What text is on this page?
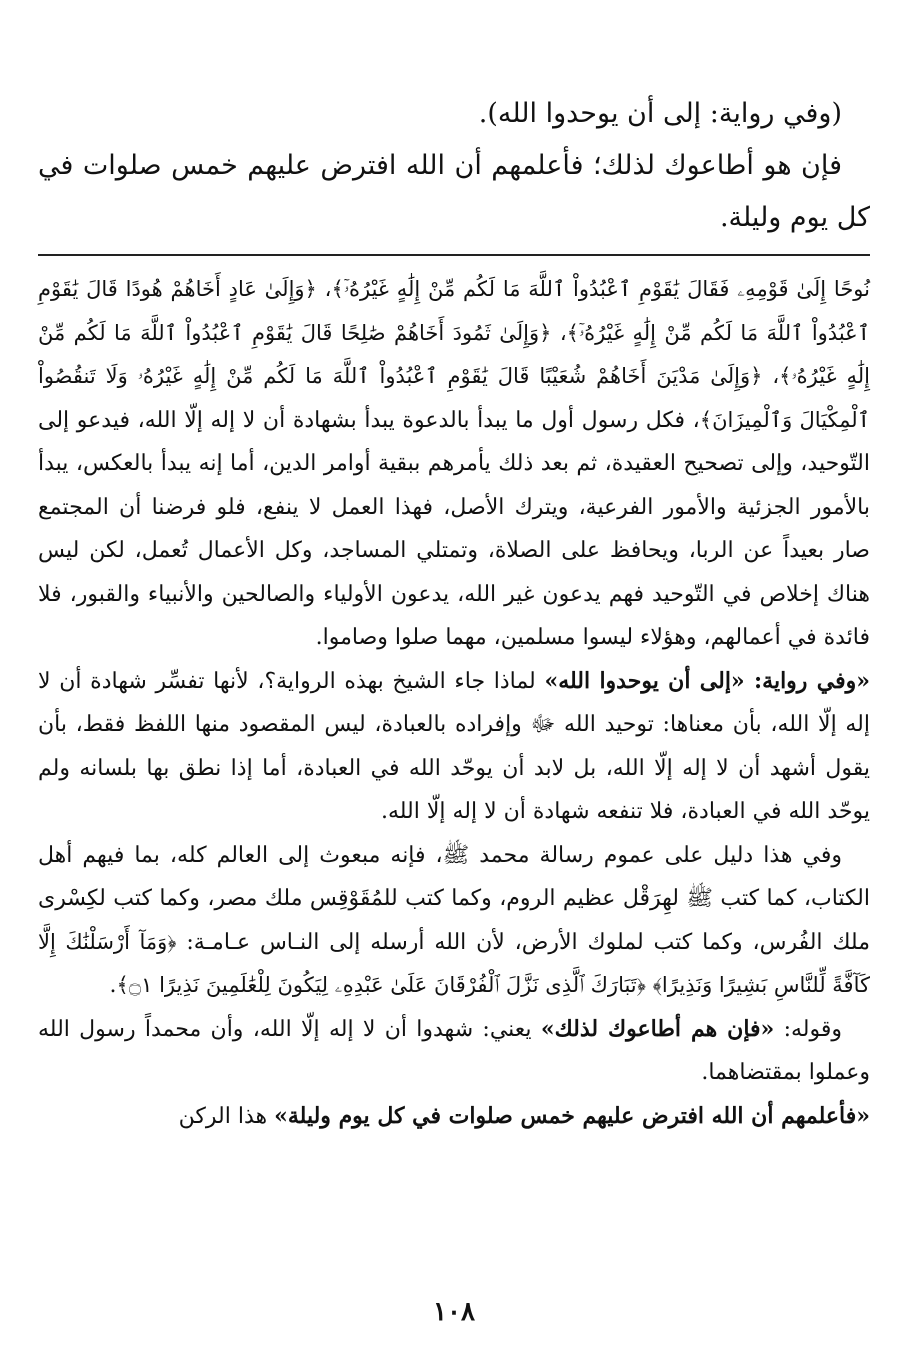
(وفي رواية: إلى أن يوحدوا الله).

فإن هو أطاعوك لذلك؛ فأعلمهم أن الله افترض عليهم خمس صلوات في كل يوم وليلة.

نُوحًا إِلَىٰ قَوْمِهِۦ فَقَالَ يَٰقَوْمِ ٱعْبُدُواْ ٱللَّهَ مَا لَكُم مِّنْ إِلَٰهٍ غَيْرُهُۥٓ﴾، ﴿وَإِلَىٰ عَادٍ أَخَاهُمْ هُودًا قَالَ يَٰقَوْمِ ٱعْبُدُواْ ٱللَّهَ مَا لَكُم مِّنْ إِلَٰهٍ غَيْرُهُۥٓ﴾، ﴿وَإِلَىٰ ثَمُودَ أَخَاهُمْ صَٰلِحًا قَالَ يَٰقَوْمِ ٱعْبُدُواْ ٱللَّهَ مَا لَكُم مِّنْ إِلَٰهٍ غَيْرُهُۥ﴾، ﴿وَإِلَىٰ مَدْيَنَ أَخَاهُمْ شُعَيْبًا قَالَ يَٰقَوْمِ ٱعْبُدُواْ ٱللَّهَ مَا لَكُم مِّنْ إِلَٰهٍ غَيْرُهُۥ وَلَا تَنقُصُواْ ٱلْمِكْيَالَ وَٱلْمِيزَانَ﴾، فكل رسول أول ما يبدأ بالدعوة يبدأ بشهادة أن لا إله إلّا الله، فيدعو إلى التّوحيد، وإلى تصحيح العقيدة، ثم بعد ذلك يأمرهم ببقية أوامر الدين، أما إنه يبدأ بالعكس، يبدأ بالأمور الجزئية والأمور الفرعية، ويترك الأصل، فهذا العمل لا ينفع، فلو فرضنا أن المجتمع صار بعيداً عن الربا، ويحافظ على الصلاة، وتمتلي المساجد، وكل الأعمال تُعمل، لكن ليس هناك إخلاص في التّوحيد فهم يدعون غير الله، يدعون الأولياء والصالحين والأنبياء والقبور، فلا فائدة في أعمالهم، وهؤلاء ليسوا مسلمين، مهما صلوا وصاموا.

«وفي رواية: «إلى أن يوحدوا الله» لماذا جاء الشيخ بهذه الرواية؟، لأنها تفسِّر شهادة أن لا إله إلّا الله، بأن معناها: توحيد الله ﷻ وإفراده بالعبادة، ليس المقصود منها اللفظ فقط، بأن يقول أشهد أن لا إله إلّا الله، بل لابد أن يوحّد الله في العبادة، أما إذا نطق بها بلسانه ولم يوحّد الله في العبادة، فلا تنفعه شهادة أن لا إله إلّا الله.

وفي هذا دليل على عموم رسالة محمد ﷺ، فإنه مبعوث إلى العالم كله، بما فيهم أهل الكتاب، كما كتب ﷺ لهِرَقْل عظيم الروم، وكما كتب للمُقَوْقِس ملك مصر، وكما كتب لكِسْرى ملك الفُرس، وكما كتب لملوك الأرض، لأن الله أرسله إلى النـاس عـامـة: ﴿وَمَآ أَرْسَلْنَٰكَ إِلَّا كَآفَّةً لِّلنَّاسِ بَشِيرًا وَنَذِيرًا﴾ ﴿تَبَارَكَ ٱلَّذِى نَزَّلَ ٱلْفُرْقَانَ عَلَىٰ عَبْدِهِۦ لِيَكُونَ لِلْعَٰلَمِينَ نَذِيرًا ۝١﴾.

وقوله: «فإن هم أطاعوك لذلك» يعني: شهدوا أن لا إله إلّا الله، وأن محمداً رسول الله وعملوا بمقتضاهما.

«فأعلمهم أن الله افترض عليهم خمس صلوات في كل يوم وليلة» هذا الركن

١٠٨
